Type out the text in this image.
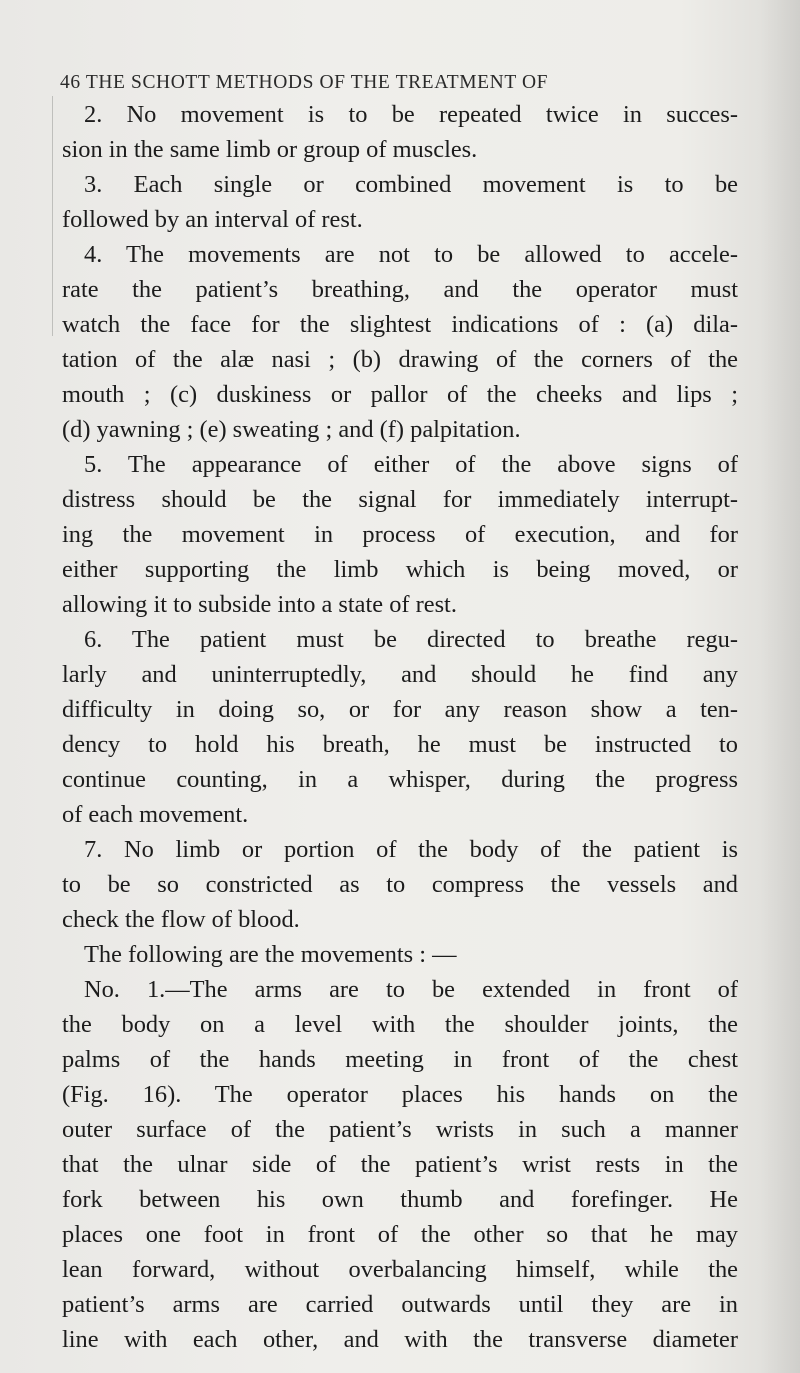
46 THE SCHOTT METHODS OF THE TREATMENT OF
2. No movement is to be repeated twice in succes-
sion in the same limb or group of muscles.
3. Each single or combined movement is to be
followed by an interval of rest.
4. The movements are not to be allowed to accele-
rate the patient’s breathing, and the operator must
watch the face for the slightest indications of : (a) dila-
tation of the alæ nasi ; (b) drawing of the corners of the
mouth ; (c) duskiness or pallor of the cheeks and lips ;
(d) yawning ; (e) sweating ; and (f) palpitation.
5. The appearance of either of the above signs of
distress should be the signal for immediately interrupt-
ing the movement in process of execution, and for
either supporting the limb which is being moved, or
allowing it to subside into a state of rest.
6. The patient must be directed to breathe regu-
larly and uninterruptedly, and should he find any
difficulty in doing so, or for any reason show a ten-
dency to hold his breath, he must be instructed to
continue counting, in a whisper, during the progress
of each movement.
7. No limb or portion of the body of the patient is
to be so constricted as to compress the vessels and
check the flow of blood.
The following are the movements : —
No. 1.—The arms are to be extended in front of
the body on a level with the shoulder joints, the
palms of the hands meeting in front of the chest
(Fig. 16). The operator places his hands on the
outer surface of the patient’s wrists in such a manner
that the ulnar side of the patient’s wrist rests in the
fork between his own thumb and forefinger. He
places one foot in front of the other so that he may
lean forward, without overbalancing himself, while the
patient’s arms are carried outwards until they are in
line with each other, and with the transverse diameter
